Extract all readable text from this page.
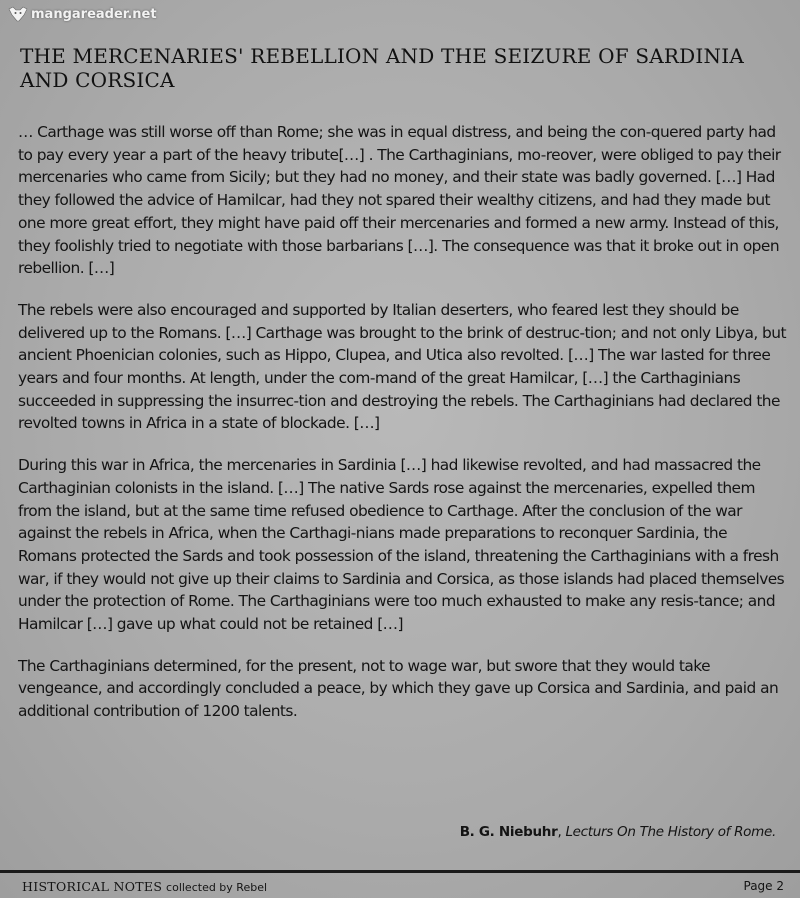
mangareader.net
THE MERCENARIES' REBELLION AND THE SEIZURE OF SARDINIA AND CORSICA

… Carthage was still worse off than Rome; she was in equal distress, and being the con-quered party had to pay every year a part of the heavy tribute[…] . The Carthaginians, mo-reover, were obliged to pay their mercenaries who came from Sicily; but they had no money, and their state was badly governed. […] Had they followed the advice of Hamilcar, had they not spared their wealthy citizens, and had they made but one more great effort, they might have paid off their mercenaries and formed a new army. Instead of this, they foolishly tried to negotiate with those barbarians […]. The consequence was that it broke out in open rebellion. […]

The rebels were also encouraged and supported by Italian deserters, who feared lest they should be delivered up to the Romans. […] Carthage was brought to the brink of destruc-tion; and not only Libya, but ancient Phoenician colonies, such as Hippo, Clupea, and Utica also revolted. […] The war lasted for three years and four months. At length, under the com-mand of the great Hamilcar, […] the Carthaginians succeeded in suppressing the insurrec-tion and destroying the rebels. The Carthaginians had declared the revolted towns in Africa in a state of blockade. […]

During this war in Africa, the mercenaries in Sardinia […] had likewise revolted, and had massacred the Carthaginian colonists in the island. […] The native Sards rose against the mercenaries, expelled them from the island, but at the same time refused obedience to Carthage. After the conclusion of the war against the rebels in Africa, when the Carthagi-nians made preparations to reconquer Sardinia, the Romans protected the Sards and took possession of the island, threatening the Carthaginians with a fresh war, if they would not give up their claims to Sardinia and Corsica, as those islands had placed themselves under the protection of Rome. The Carthaginians were too much exhausted to make any resis-tance; and Hamilcar […] gave up what could not be retained […]

The Carthaginians determined, for the present, not to wage war, but swore that they would take vengeance, and accordingly concluded a peace, by which they gave up Corsica and Sardinia, and paid an additional contribution of 1200 talents.

B. G. Niebuhr, Lecturs On The History of Rome.
HISTORICAL NOTES collected by Rebel	Page 2
